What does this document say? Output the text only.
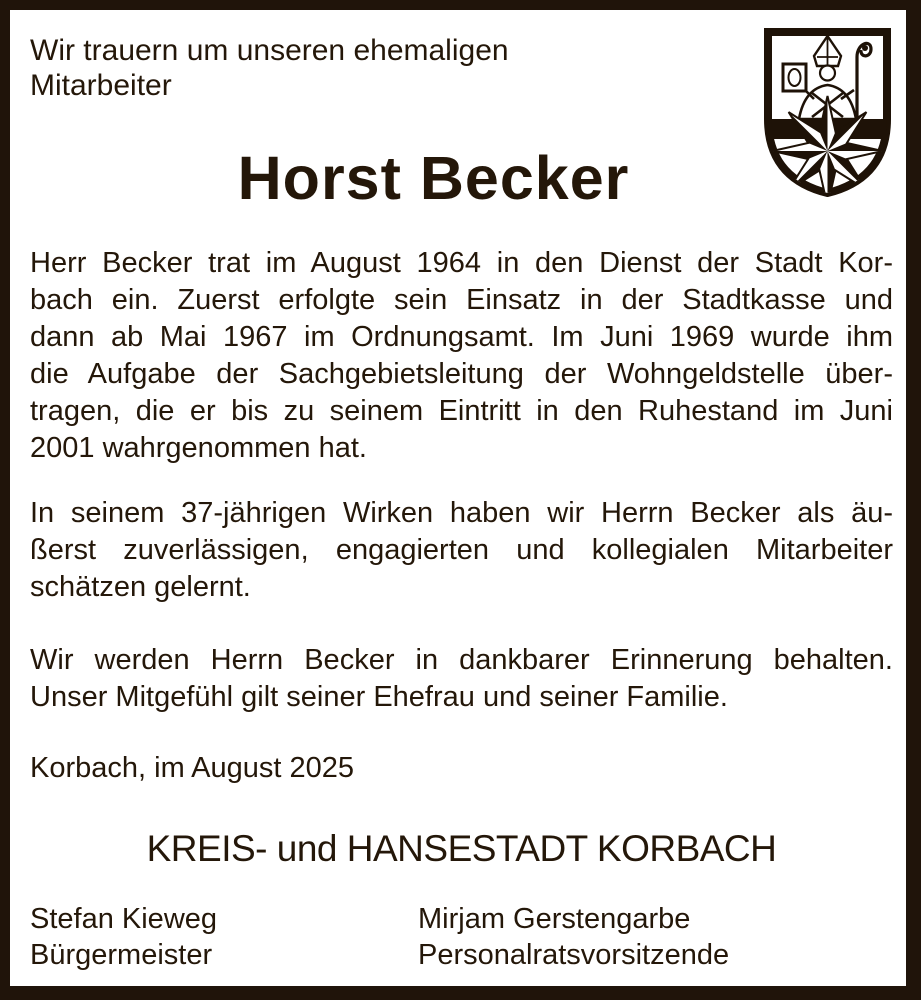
Wir trauern um unseren ehemaligen
Mitarbeiter
Horst Becker
Herr Becker trat im August 1964 in den Dienst der Stadt Kor-
bach ein. Zuerst erfolgte sein Einsatz in der Stadtkasse und
dann ab Mai 1967 im Ordnungsamt. Im Juni 1969 wurde ihm
die Aufgabe der Sachgebietsleitung der Wohngeldstelle über-
tragen, die er bis zu seinem Eintritt in den Ruhestand im Juni
2001 wahrgenommen hat.
In seinem 37-jährigen Wirken haben wir Herrn Becker als äu-
ßerst zuverlässigen, engagierten und kollegialen Mitarbeiter
schätzen gelernt.
Wir werden Herrn Becker in dankbarer Erinnerung behalten.
Unser Mitgefühl gilt seiner Ehefrau und seiner Familie.
Korbach, im August 2025
KREIS- und HANSESTADT KORBACH
Stefan Kieweg
Bürgermeister
Mirjam Gerstengarbe
Personalratsvorsitzende
